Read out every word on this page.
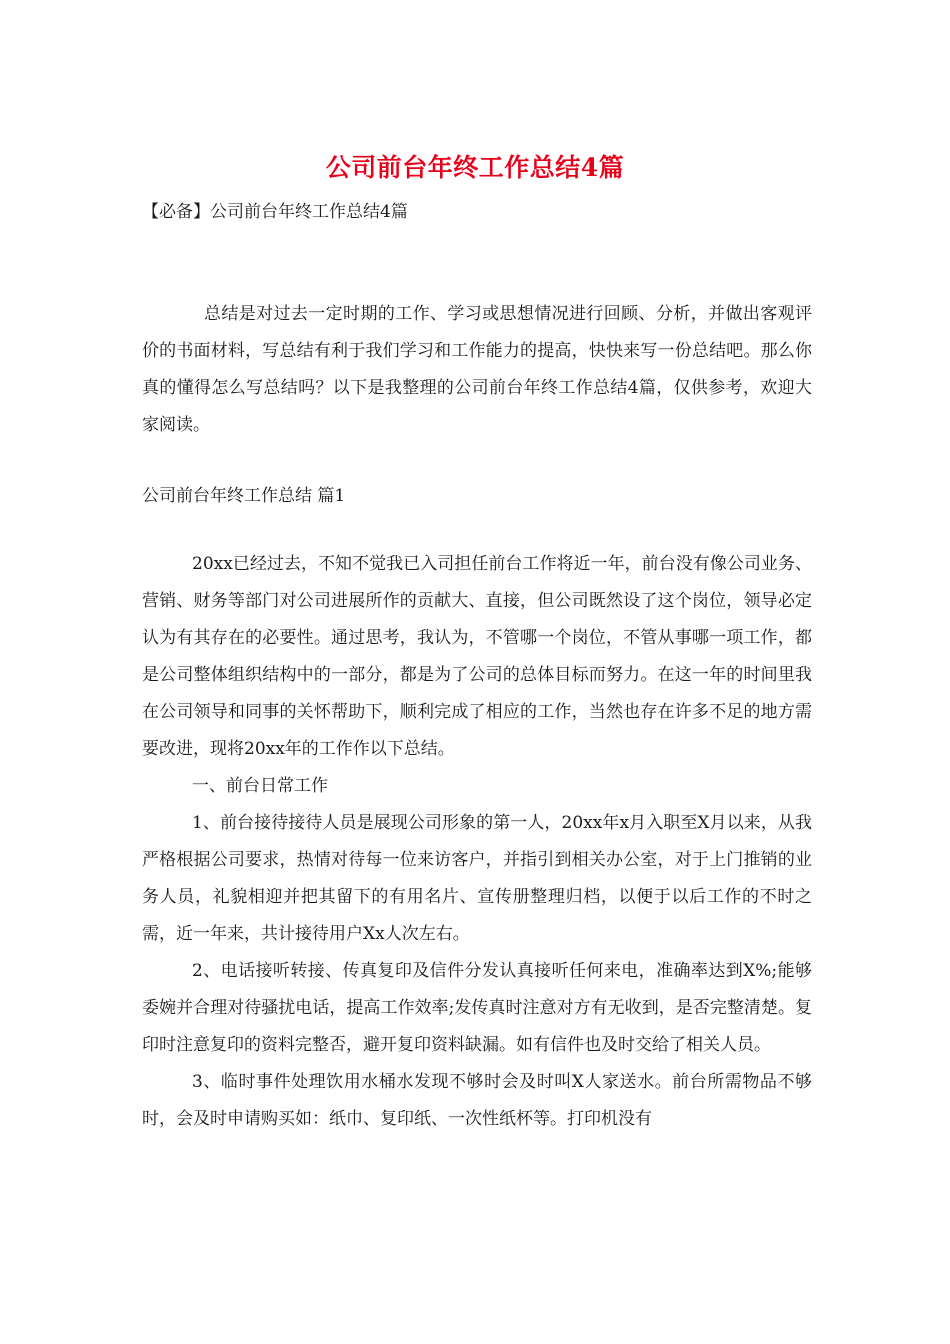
公司前台年终工作总结4篇
【必备】公司前台年终工作总结4篇

总结是对过去一定时期的工作、学习或思想情况进行回顾、分析，并做出客观评价的书面材料，写总结有利于我们学习和工作能力的提高，快快来写一份总结吧。那么你真的懂得怎么写总结吗？以下是我整理的公司前台年终工作总结4篇，仅供参考，欢迎大家阅读。

公司前台年终工作总结 篇1

20xx已经过去，不知不觉我已入司担任前台工作将近一年，前台没有像公司业务、营销、财务等部门对公司进展所作的贡献大、直接，但公司既然设了这个岗位，领导必定认为有其存在的必要性。通过思考，我认为，不管哪一个岗位，不管从事哪一项工作，都是公司整体组织结构中的一部分，都是为了公司的总体目标而努力。在这一年的时间里我在公司领导和同事的关怀帮助下，顺利完成了相应的工作，当然也存在许多不足的地方需要改进，现将20xx年的工作作以下总结。

一、前台日常工作

1、前台接待接待人员是展现公司形象的第一人，20xx年x月入职至X月以来，从我严格根据公司要求，热情对待每一位来访客户，并指引到相关办公室，对于上门推销的业务人员，礼貌相迎并把其留下的有用名片、宣传册整理归档，以便于以后工作的不时之需，近一年来，共计接待用户Xx人次左右。

2、电话接听转接、传真复印及信件分发认真接听任何来电，准确率达到X%;能够委婉并合理对待骚扰电话，提高工作效率;发传真时注意对方有无收到，是否完整清楚。复印时注意复印的资料完整否，避开复印资料缺漏。如有信件也及时交给了相关人员。

3、临时事件处理饮用水桶水发现不够时会及时叫X人家送水。前台所需物品不够时，会及时申请购买如：纸巾、复印纸、一次性纸杯等。打印机没有
